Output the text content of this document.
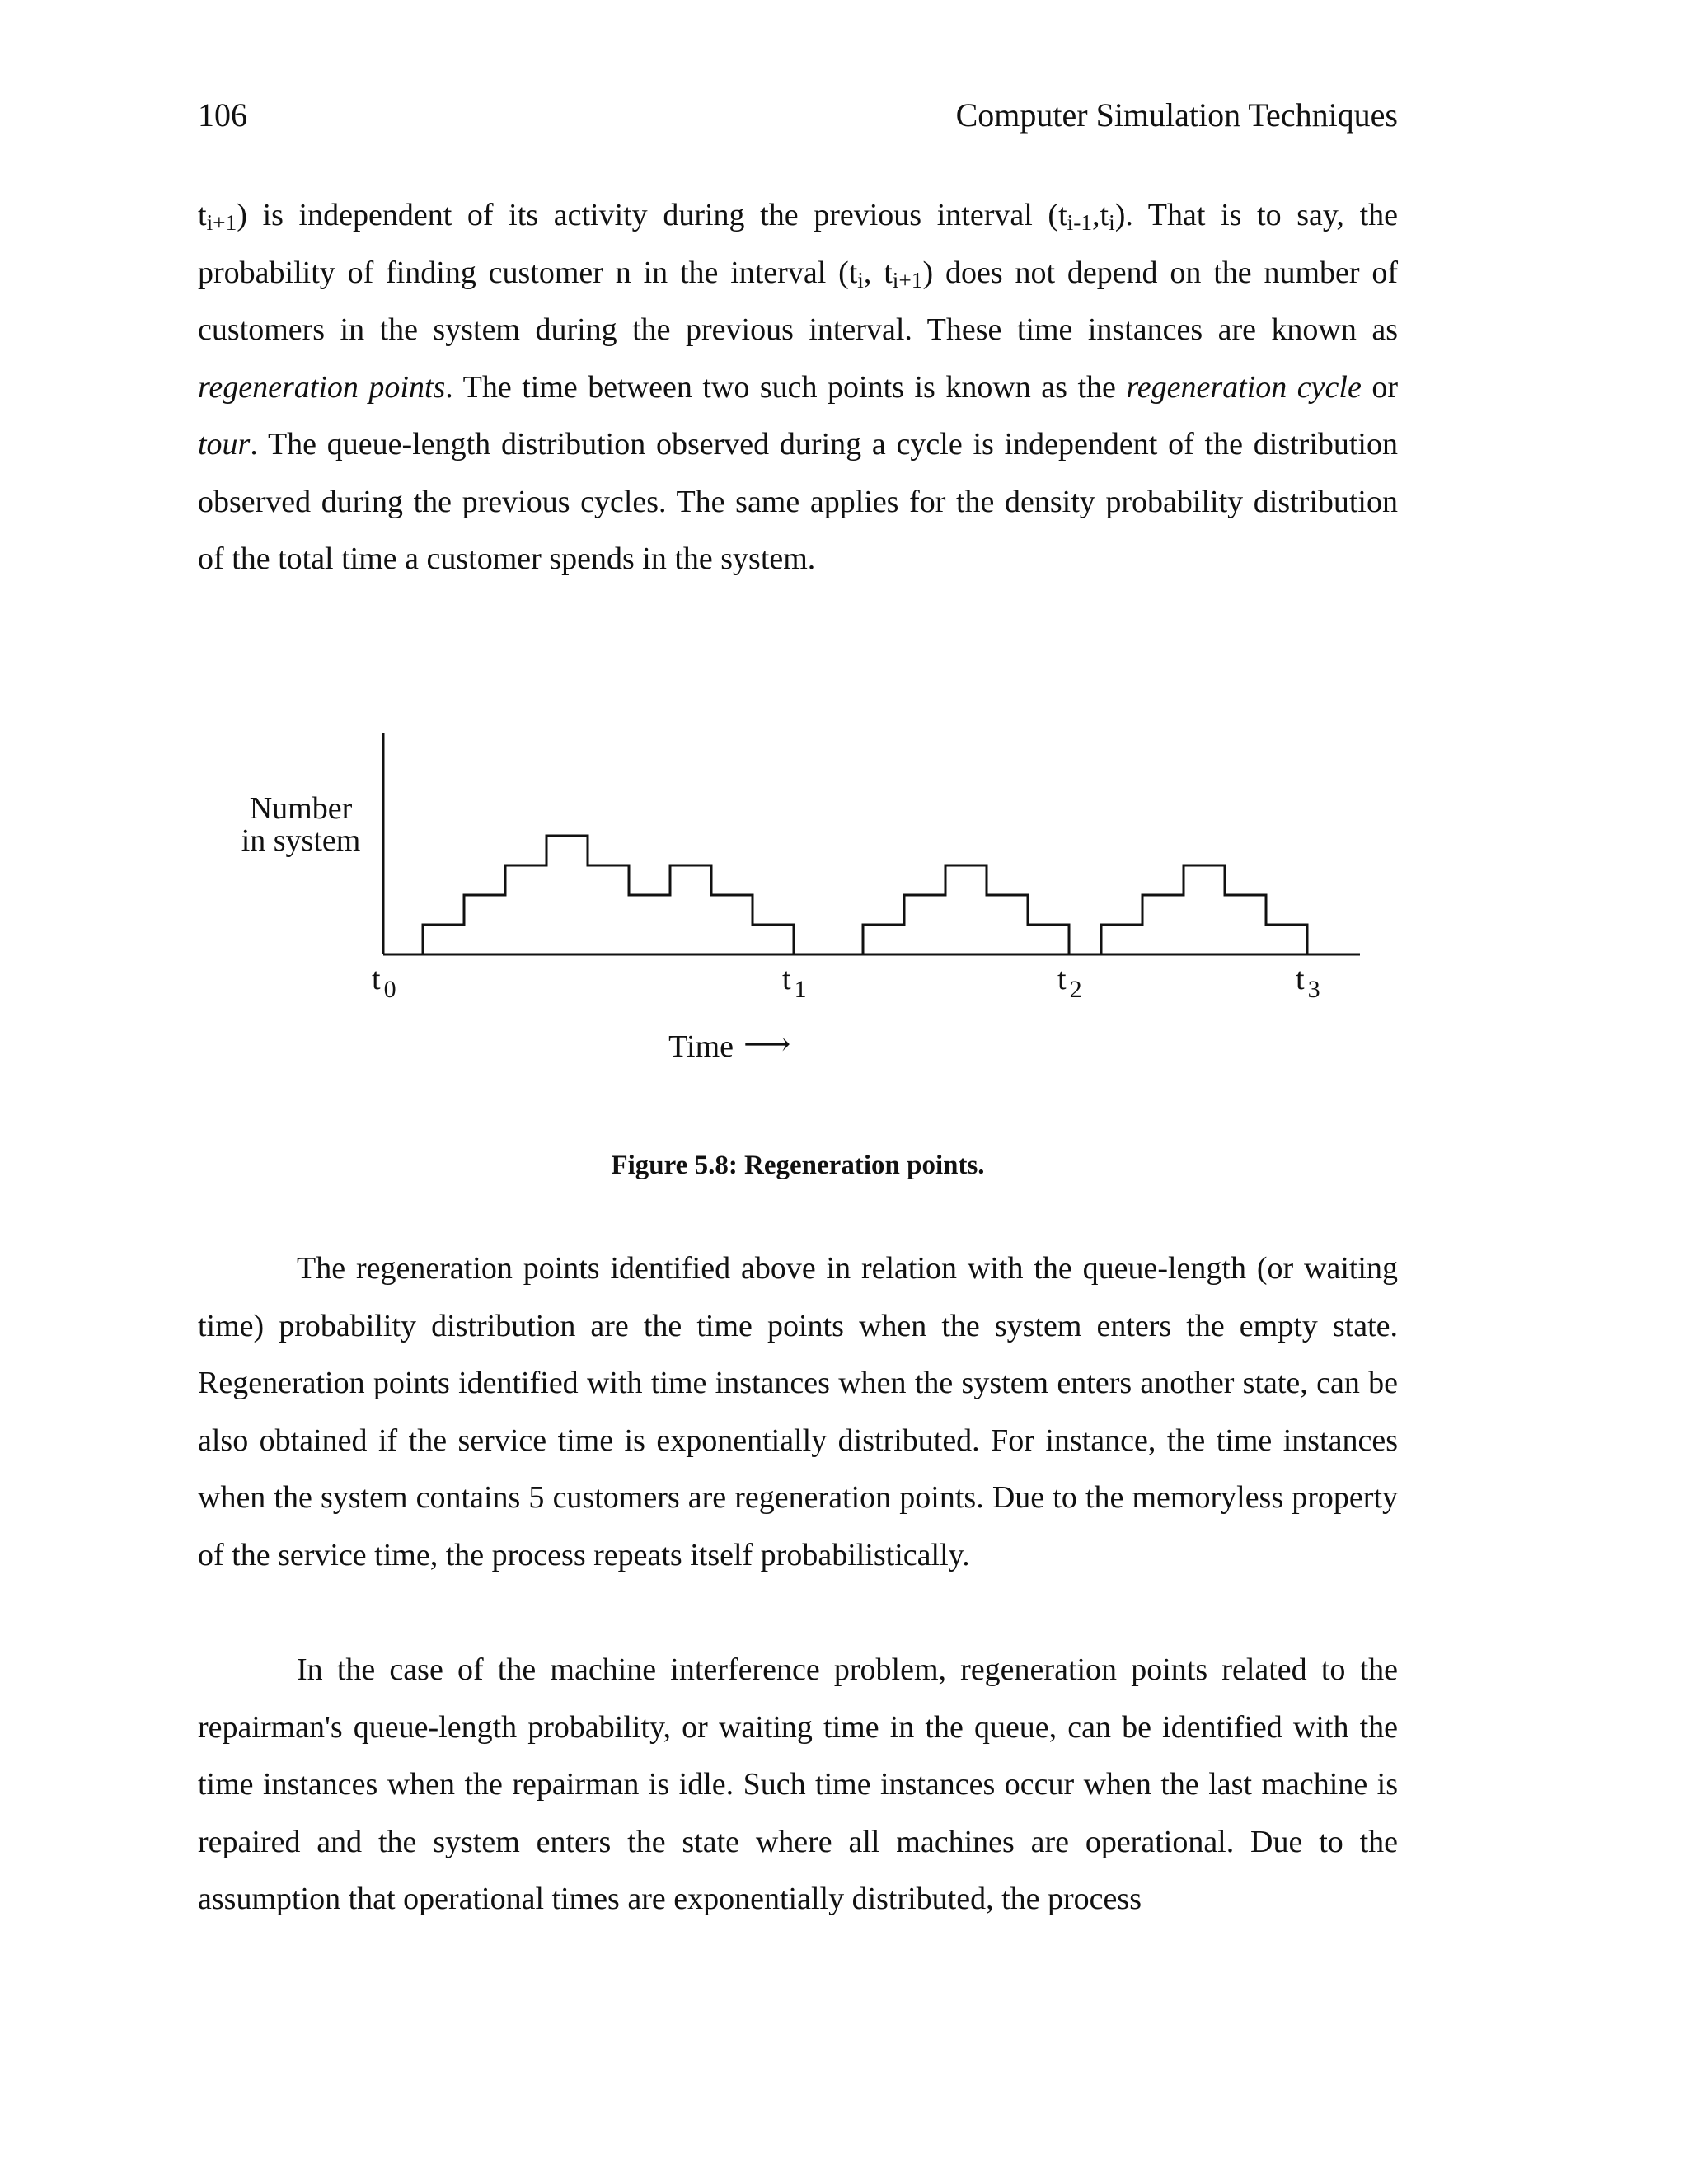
106	Computer Simulation Techniques

$t_{i+1}$) is independent of its activity during the previous interval $(t_{i-1},t_i)$. That is to say, the probability of finding customer n in the interval ($t_i$, $t_{i+1}$) does not depend on the number of customers in the system during the previous interval. These time instances are known as regeneration points. The time between two such points is known as the regeneration cycle or tour. The queue-length distribution observed during a cycle is independent of the distribution observed during the previous cycles. The same applies for the density probability distribution of the total time a customer spends in the system.

Number
in system
t $_0$	t $_1$	t $_2$	t $_3$
Time ⟶
Figure 5.8: Regeneration points.

The regeneration points identified above in relation with the queue-length (or waiting time) probability distribution are the time points when the system enters the empty state. Regeneration points identified with time instances when the system enters another state, can be also obtained if the service time is exponentially distributed. For instance, the time instances when the system contains 5 customers are regeneration points. Due to the memoryless property of the service time, the process repeats itself probabilistically.

In the case of the machine interference problem, regeneration points related to the repairman's queue-length probability, or waiting time in the queue, can be identified with the time instances when the repairman is idle. Such time instances occur when the last machine is repaired and the system enters the state where all machines are operational. Due to the assumption that operational times are exponentially distributed, the process
